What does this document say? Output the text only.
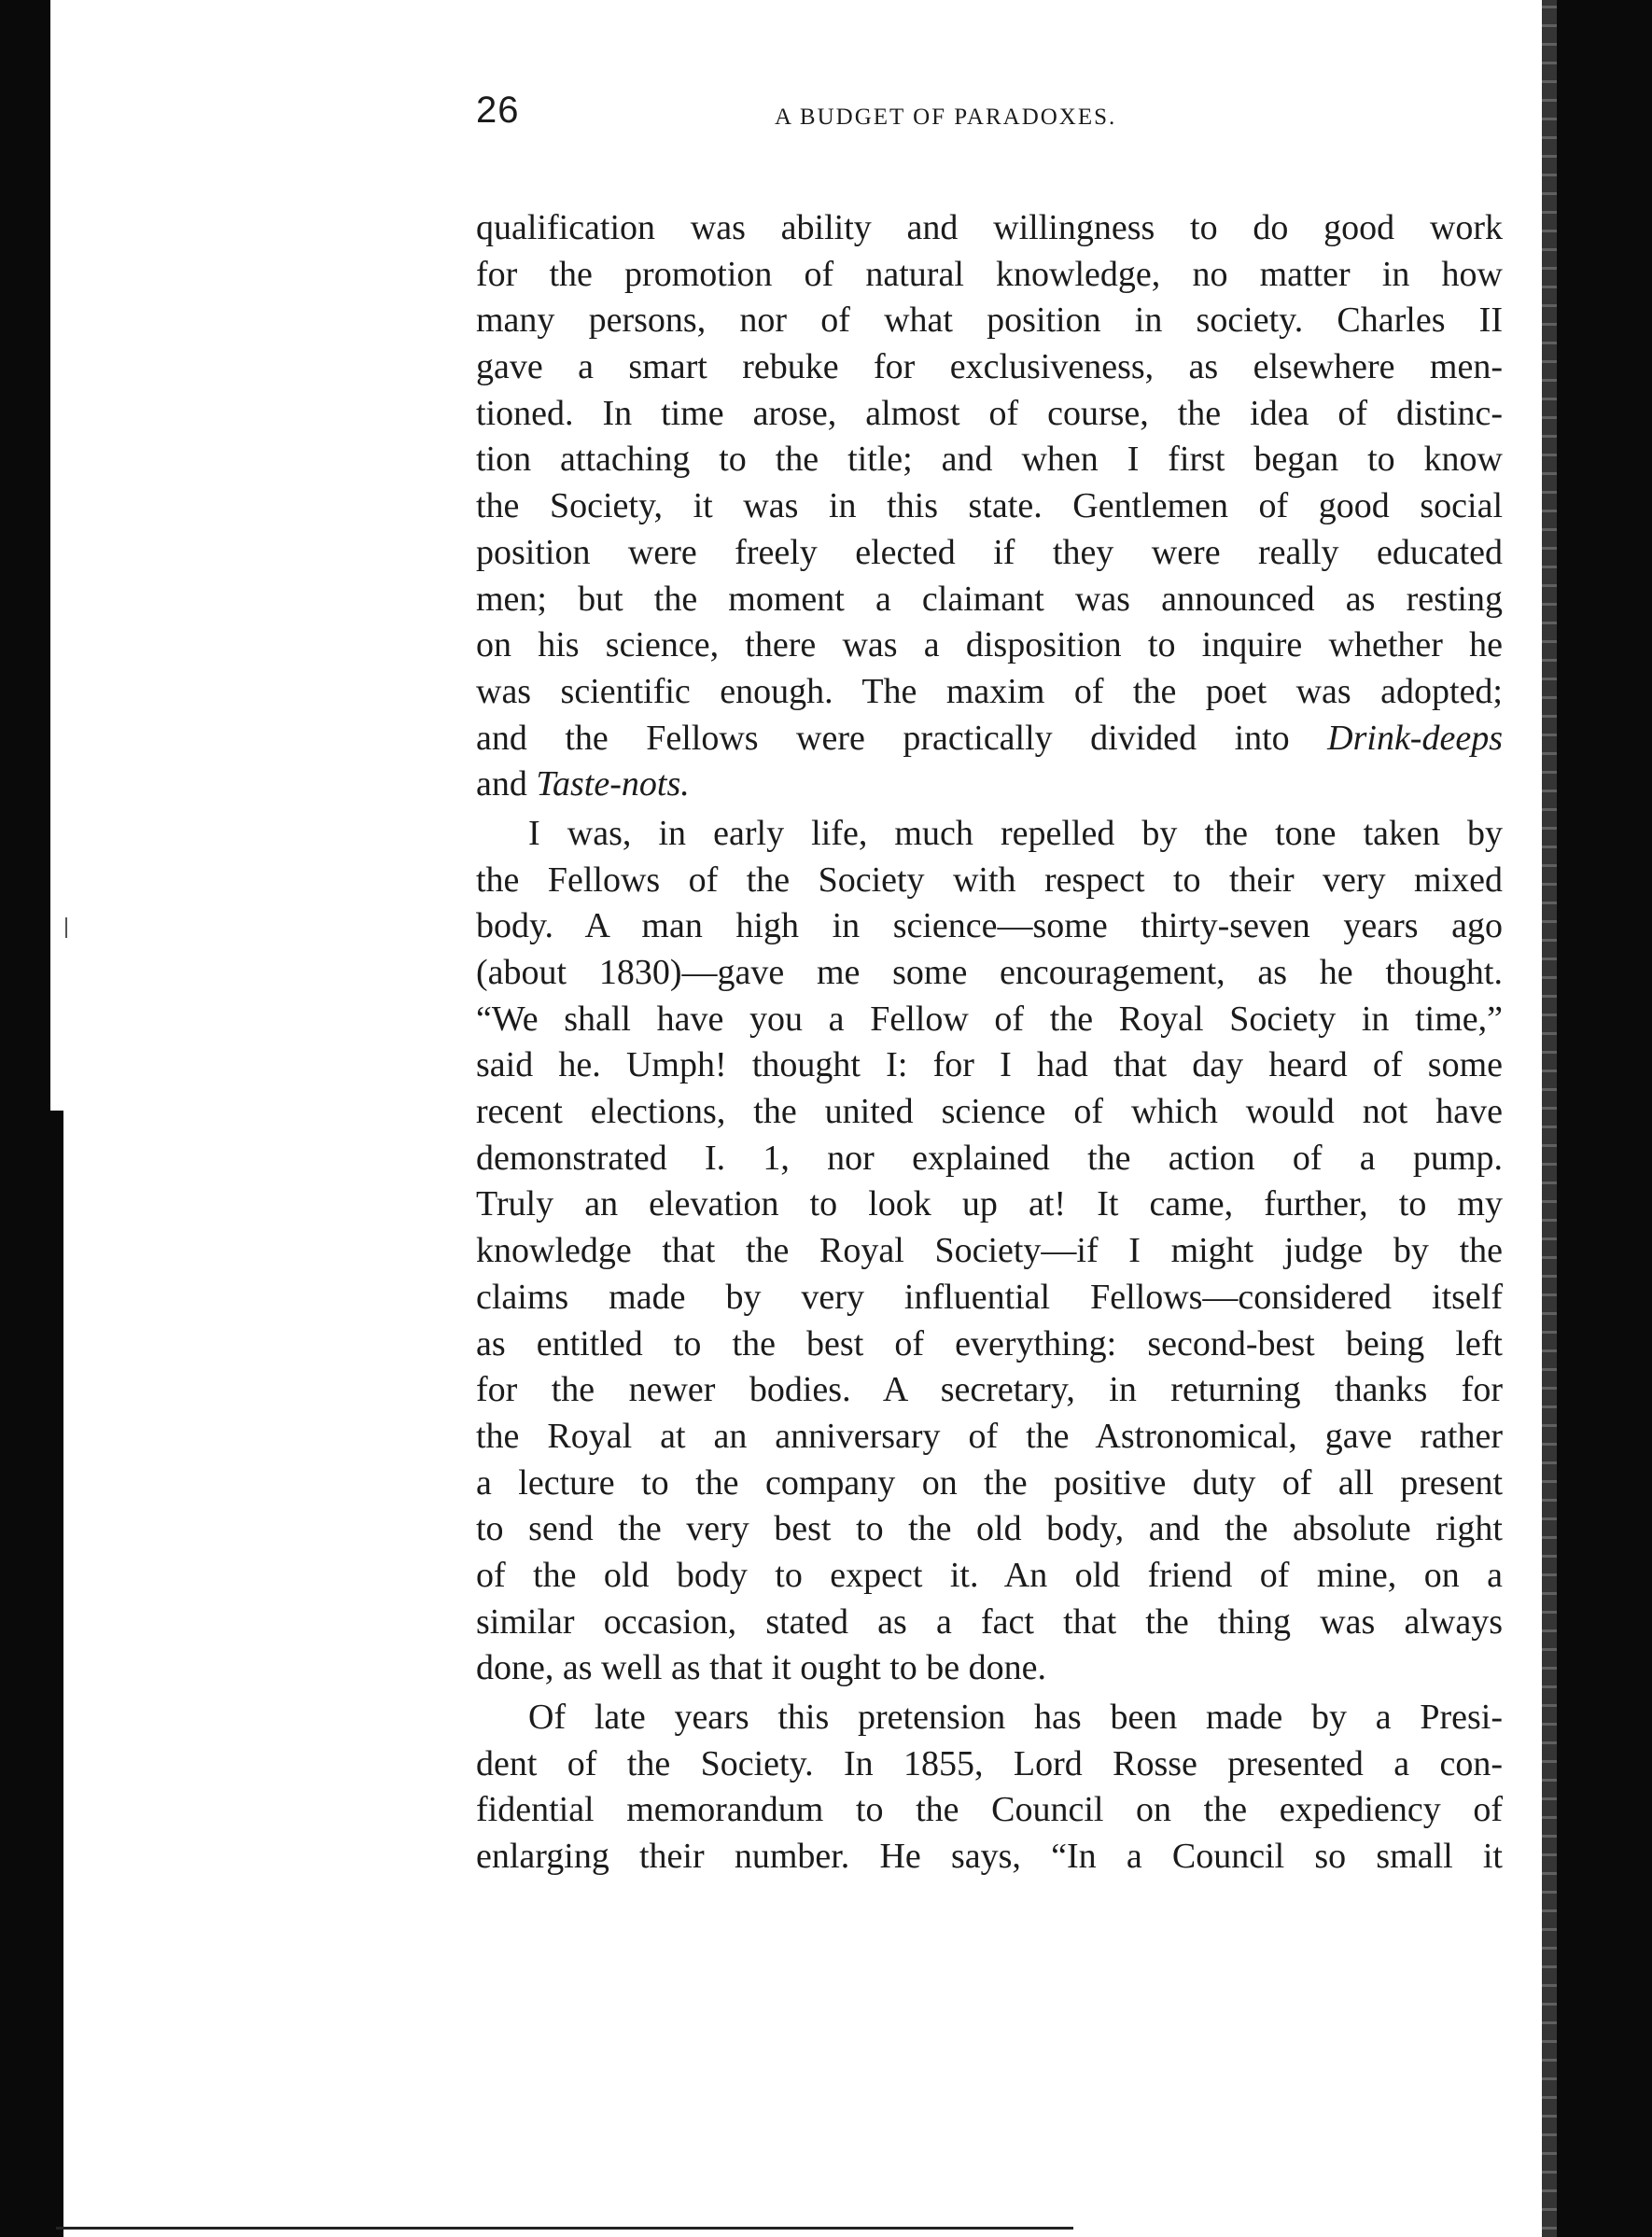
26	A BUDGET OF PARADOXES.
qualification was ability and willingness to do good work
for the promotion of natural knowledge, no matter in how
many persons, nor of what position in society. Charles II
gave a smart rebuke for exclusiveness, as elsewhere men-
tioned. In time arose, almost of course, the idea of distinc-
tion attaching to the title; and when I first began to know
the Society, it was in this state. Gentlemen of good social
position were freely elected if they were really educated
men; but the moment a claimant was announced as resting
on his science, there was a disposition to inquire whether he
was scientific enough. The maxim of the poet was adopted;
and the Fellows were practically divided into Drink-deeps
and Taste-nots.
I was, in early life, much repelled by the tone taken by
the Fellows of the Society with respect to their very mixed
body. A man high in science—some thirty-seven years ago
(about 1830)—gave me some encouragement, as he thought.
“We shall have you a Fellow of the Royal Society in time,”
said he. Umph! thought I: for I had that day heard of some
recent elections, the united science of which would not have
demonstrated I. 1, nor explained the action of a pump.
Truly an elevation to look up at! It came, further, to my
knowledge that the Royal Society—if I might judge by the
claims made by very influential Fellows—considered itself
as entitled to the best of everything: second-best being left
for the newer bodies. A secretary, in returning thanks for
the Royal at an anniversary of the Astronomical, gave rather
a lecture to the company on the positive duty of all present
to send the very best to the old body, and the absolute right
of the old body to expect it. An old friend of mine, on a
similar occasion, stated as a fact that the thing was always
done, as well as that it ought to be done.
Of late years this pretension has been made by a Presi-
dent of the Society. In 1855, Lord Rosse presented a con-
fidential memorandum to the Council on the expediency of
enlarging their number. He says, “In a Council so small it
